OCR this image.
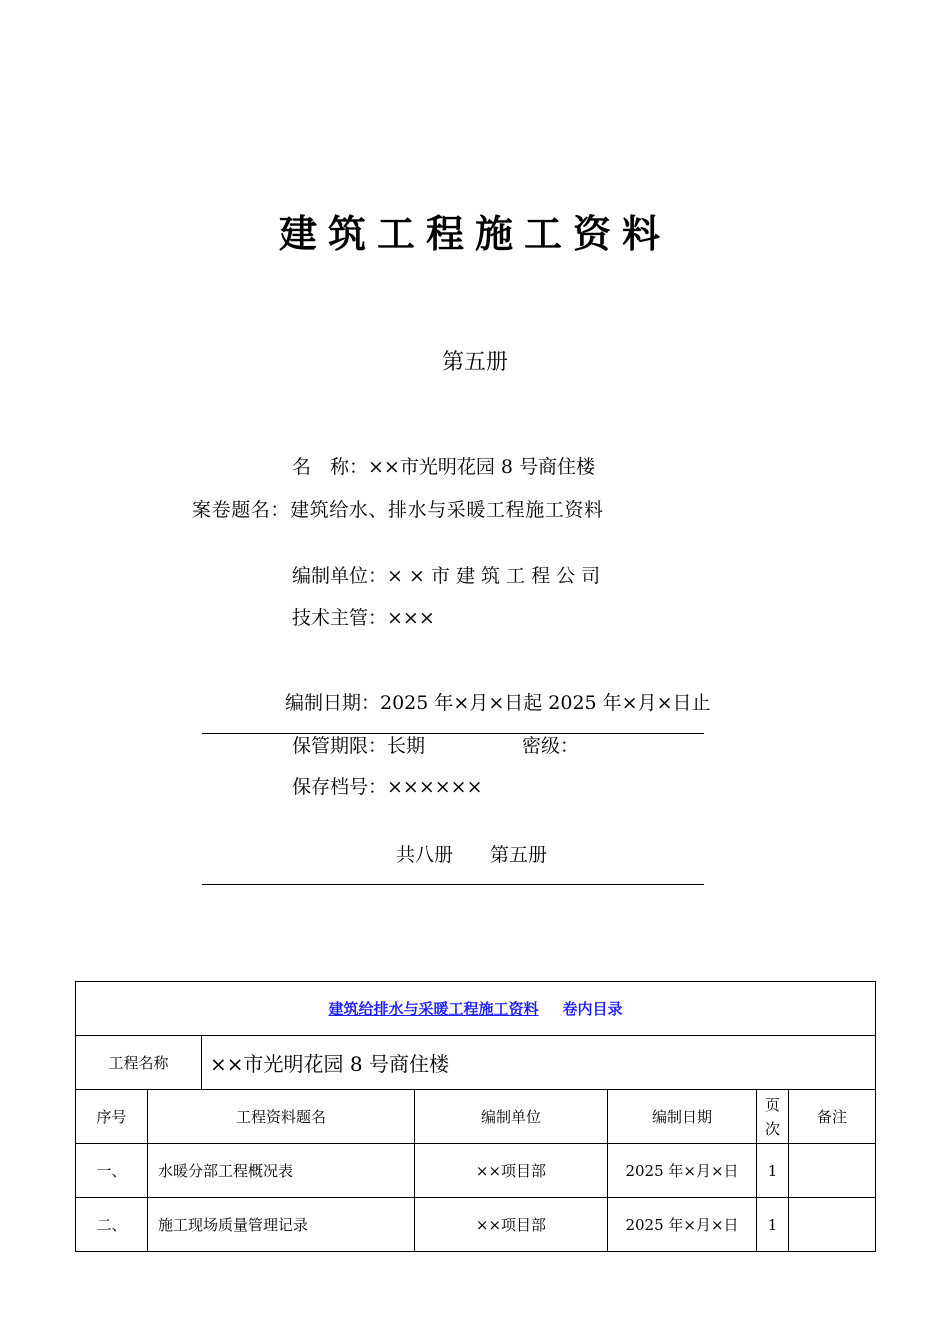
建筑工程施工资料
第五册
名　称：××市光明花园 8 号商住楼
案卷题名：建筑给水、排水与采暖工程施工资料
编制单位：× × 市 建 筑 工 程 公 司
技术主管：×××
编制日期：2025 年×月×日起 2025 年×月×日止
保管期限：长期	密级：
保存档号：××××××
共八册 第五册
建筑给排水与采暖工程施工资料 卷内目录						
工程名称		××市光明花园 8 号商住楼				
序号	工程资料题名		编制单位	编制日期	页次	备注
一、	水暖分部工程概况表		××项目部	2025 年×月×日	1	
二、	施工现场质量管理记录		××项目部	2025 年×月×日	1	
